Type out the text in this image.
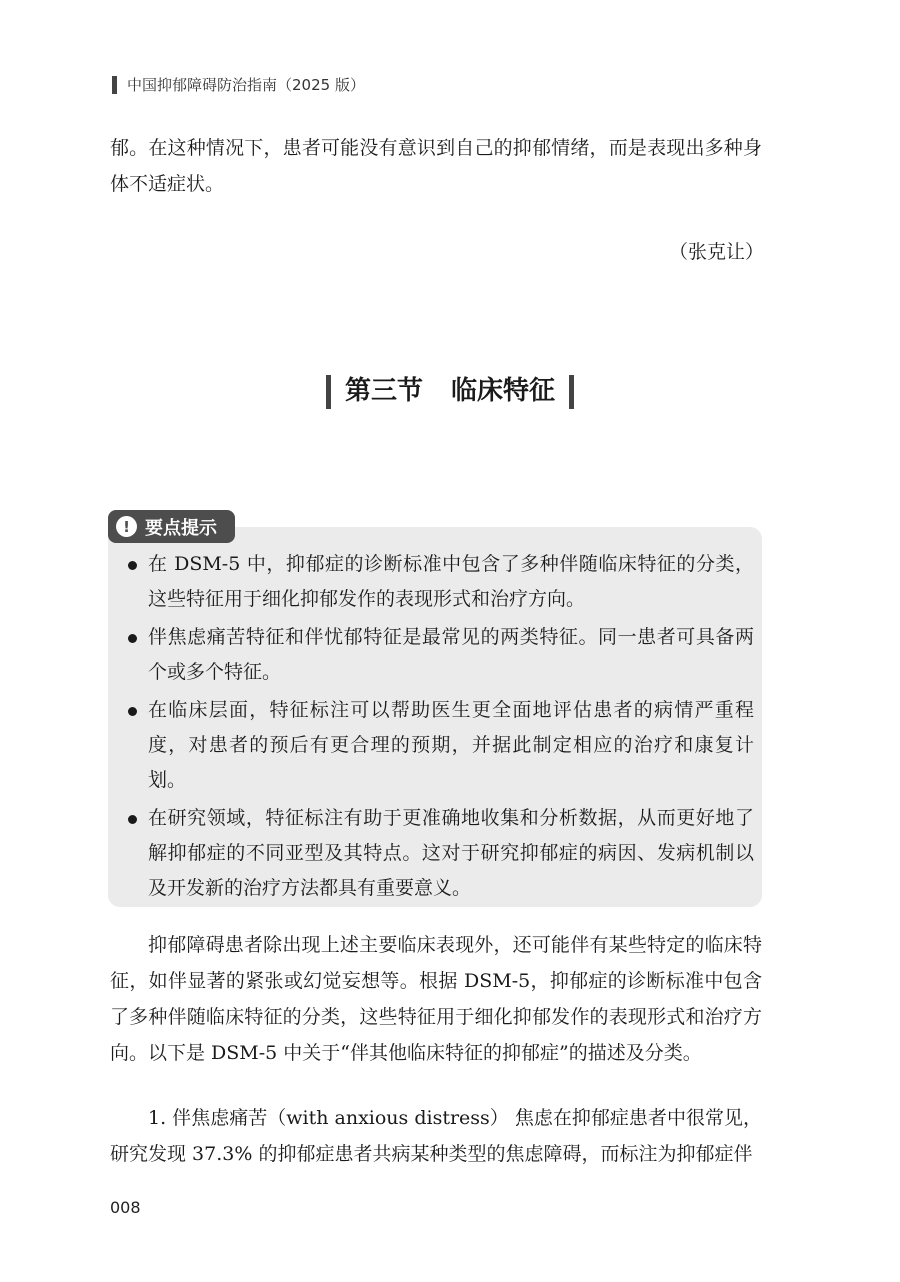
中国抑郁障碍防治指南（2025 版）
郁。在这种情况下，患者可能没有意识到自己的抑郁情绪，而是表现出多种身体不适症状。
（张克让）
第三节 临床特征
! 要点提示
在 DSM-5 中，抑郁症的诊断标准中包含了多种伴随临床特征的分类，这些特征用于细化抑郁发作的表现形式和治疗方向。
伴焦虑痛苦特征和伴忧郁特征是最常见的两类特征。同一患者可具备两个或多个特征。
在临床层面，特征标注可以帮助医生更全面地评估患者的病情严重程度，对患者的预后有更合理的预期，并据此制定相应的治疗和康复计划。
在研究领域，特征标注有助于更准确地收集和分析数据，从而更好地了解抑郁症的不同亚型及其特点。这对于研究抑郁症的病因、发病机制以及开发新的治疗方法都具有重要意义。
抑郁障碍患者除出现上述主要临床表现外，还可能伴有某些特定的临床特征，如伴显著的紧张或幻觉妄想等。根据 DSM-5，抑郁症的诊断标准中包含了多种伴随临床特征的分类，这些特征用于细化抑郁发作的表现形式和治疗方向。以下是 DSM-5 中关于“伴其他临床特征的抑郁症”的描述及分类。
1. 伴焦虑痛苦（with anxious distress） 焦虑在抑郁症患者中很常见，研究发现 37.3% 的抑郁症患者共病某种类型的焦虑障碍，而标注为抑郁症伴
008
